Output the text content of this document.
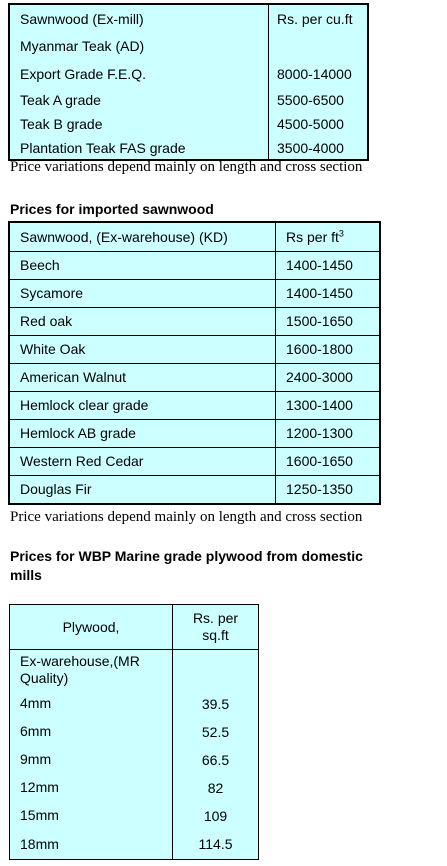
Sawnwood (Ex-mill)	Rs. per cu.ft
Myanmar Teak (AD)	
Export Grade F.E.Q.	8000-14000
Teak A grade	5500-6500
Teak B grade	4500-5000
Plantation Teak FAS grade	3500-4000
Price variations depend mainly on length and cross section
Prices for imported sawnwood
Sawnwood, (Ex-warehouse) (KD)	Rs per $ft^3$
Beech	1400-1450
Sycamore	1400-1450
Red oak	1500-1650
White Oak	1600-1800
American Walnut	2400-3000
Hemlock clear grade	1300-1400
Hemlock AB grade	1200-1300
Western Red Cedar	1600-1650
Douglas Fir	1250-1350
Price variations depend mainly on length and cross section
Prices for WBP Marine grade plywood from domestic
mills
Plywood,	Rs. per
sq.ft

Ex-warehouse,(MR
Quality)	

4mm	39.5
6mm	52.5
9mm	66.5
12mm	82
15mm	109
18mm	114.5
